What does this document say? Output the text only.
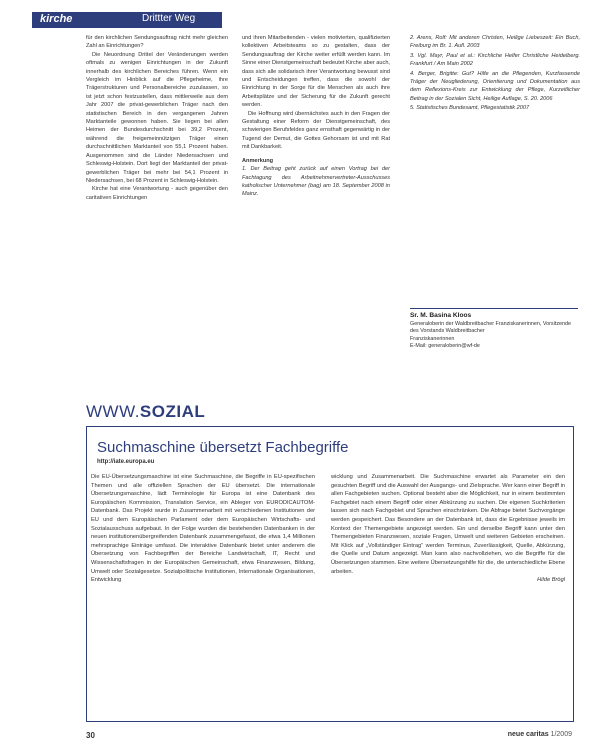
kirche	Drittter Weg

für den kirchlichen Sendungsauftrag nicht mehr gleichen Zahl an Einrichtungen?

Die Neuordnung Drittel der Veränderungen werden oftmals zu wenigen Einrichtungen in der Zukunft innerhalb des kirchlichen Bereiches führen. Wenn ein Vergleich im Hinblick auf die Pflegeheime, ihre Trägerstrukturen und Personalbereiche zuzulassen, so ist jetzt schon festzustellen, dass mittlerweile aus dem Jahr 2007 die privat-gewerblichen Träger nach den statistischen Bereich in den vergangenen Jahren Marktanteile gewonnen haben. Sie liegen bei allen Heimen der Bundesdurchschnitt bei 39,2 Prozent, während die freigemeinnützigen Träger einen durchschnittlichen Marktanteil von 55,1 Prozent haben. Ausgenommen sind die Länder Niedersachsen und Schleswig-Holstein. Dort liegt der Marktanteil der privat-gewerblichen Träger bei mehr bei 54,1 Prozent in Niedersachsen, bei 68 Prozent in Schleswig-Holstein.

Kirche hat eine Verantwortung - auch gegenüber den caritativen Einrichtungen

und ihren Mitarbeitenden - vielen motivierten, qualifizierten kollektiven Arbeitsteams so zu gestalten, dass der Sendungsauftrag der Kirche weiter erfüllt werden kann. Im Sinne einer Dienstgemeinschaft bedeutet Kirche aber auch, dass sich alle solidarisch ihrer Verantwortung bewusst sind und Entscheidungen treffen, dass die sowohl der Einrichtung in der Sorge für die Menschen als auch ihre Arbeitsplätze und der Sicherung für die Zukunft gerecht werden.

Die Hoffnung wird übernächstes auch in den Fragen der Gestaltung einer Reform der Dienstgemeinschaft, des schwierigen Berufsfeldes ganz ernsthaft gegenwärtig in der Tugend der Demut, die Gottes Gehorsam ist und mit Rat mit Dankbarkeit.

Anmerkung

1. Der Beitrag geht zurück auf einen Vortrag bei der Fachtagung des Arbeitnehmervertreter-Ausschusses katholischer Unternehmer (bag) am 18. September 2008 in Mainz.

2. Arens, Rolf: Mit anderen Christen, Heilige Liebeszeit: Ein Buch, Freiburg im Br. 1. Aufl. 2003

3. Vgl. Mayr, Paul et al.: Kirchliche Helfer Christliche Heidelberg. Frankfurt / Am Main 2002

4. Berger, Brigitte: Gut? Hilfe an die Pflegenden, Kurzfassende Träger der Neugliederung, Orientierung und Dokumentation aus dem Reflexions-Kreis zur Entwicklung der Pflege, Kurzeitlicher Beitrag in der Sozialen Sicht, Heilige Auflage, S. 20. 2006

5. Statistisches Bundesamt, Pflegestatistik 2007

Sr. M. Basina Kloos
Generaloberin der Waldbreitbacher Franziskanerinnen, Vorsitzende des Vorstands Waldbreitbacher
Franziskanerinnen
E-Mail: generaloberin@wf-de
WWW.SOZIAL
Suchmaschine übersetzt Fachbegriffe
http://iate.europa.eu
Die EU-Übersetzungsmaschine ist eine Suchmaschine, die Begriffe in EU-spezifischen Themen und alle offiziellen Sprachen der EU übersetzt. Die internationale Übersetzungsmaschine, lädt Terminologie für Europa ist eine Datenbank des Europäischen Kommission, Translation Service, ein Ableger von EURODICAUTOM-Datenbank. Das Projekt wurde in Zusammenarbeit mit verschiedenen Institutionen der EU und dem Europäischen Parlament oder dem Europäischen Wirtschafts- und Sozialausschuss aufgebaut. In der Folge wurden die bestehenden Datenbanken in der neuen institutionenübergreifenden Datenbank zusammengefasst, die etwa 1,4 Millionen mehrsprachige Einträge umfasst. Die interaktive Datenbank bietet unter anderem die Übersetzung von Fachbegriffen der Bereiche Landwirtschaft, IT, Recht und Wissenschaftsfragen in der Europäischen Gemeinschaft, etwa Finanzwesen, Bildung, Umwelt oder Sozialgesetze. Sozialpolitische Institutionen, Internationale Organisationen, Entwicklung
wicklung und Zusammenarbeit. Die Suchmaschine erwartet als Parameter ein den gesuchten Begriff und die Auswahl der Ausgangs- und Zielsprache. Wer kann einer Begriff in allen Fachgebieten suchen. Optional besteht aber die Möglichkeit, nur in einem bestimmten Fachgebiet nach einem Begriff oder einer Abkürzung zu suchen. Die eigenen Suchkriterien lassen sich nach Fachgebiet und Sprachen einschränken. Die Abfrage bietet Suchvorgänge werden gespeichert. Das Besondere an der Datenbank ist, dass die Ergebnisse jeweils im Kontext der Themengebiete angezeigt werden. Ein und derselbe Begriff kann unter den Themengebieten Finanzwesen, soziale Fragen, Umwelt und weiteren Gebieten erscheinen. Mit Klick auf „Vollständiger Eintrag“ werden Terminus, Zuverlässigkeit, Quelle, Abkürzung, die Quelle und Datum angezeigt. Man kann also nachvollziehen, wo die Begriffe für die Übersetzungen stammen. Eine weitere Übersetzungshilfe für die, die unterschiedliche Ebene arbeiten.
Hilde Brögl
30	neue caritas 1/2009
